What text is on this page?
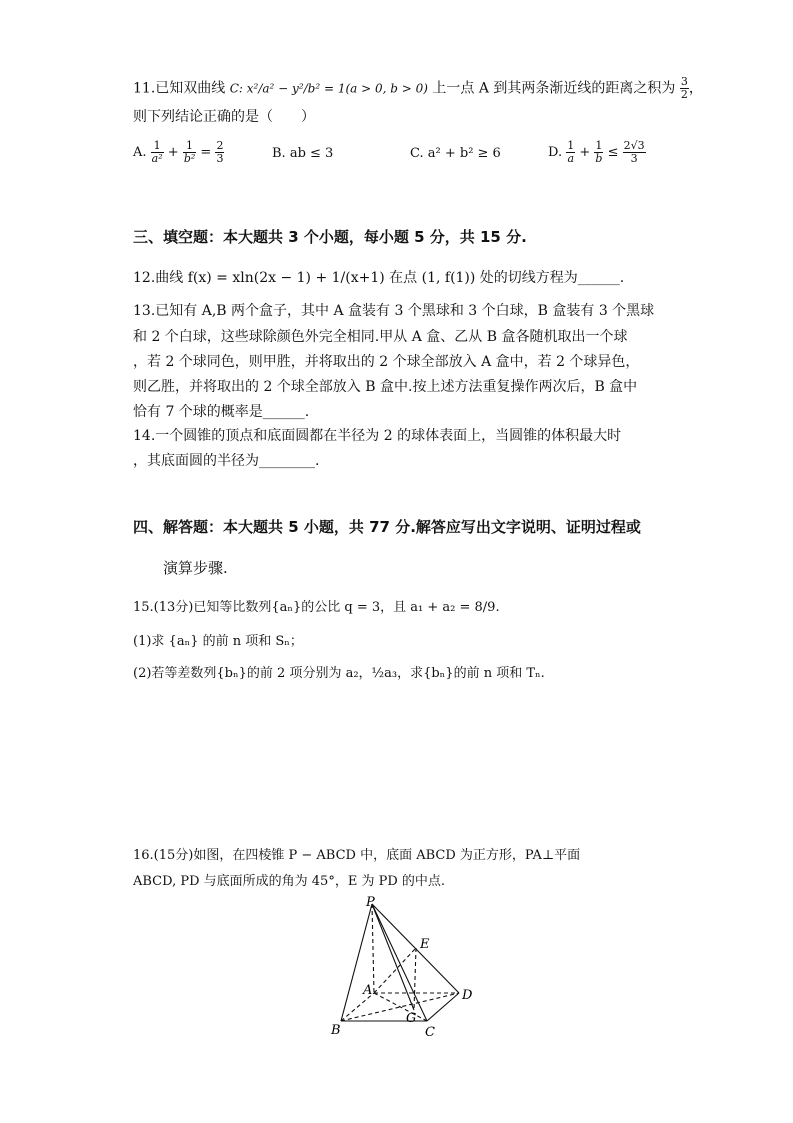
11.已知双曲线 C: x²/a² − y²/b² = 1(a > 0, b > 0) 上一点 A 到其两条渐近线的距离之积为 $\frac{3}{2}$ ，
则下列结论正确的是（　　）
A. $\frac{1}{\text{a²}} + \frac{1}{\text{b²}} = \frac{2}{3}$	B. ab ≤ 3	C. a² + b² ≥ 6	D. $\frac{1}{a} + \frac{1}{b} \le \frac{2√3}{3}$
三、填空题：本大题共 3 个小题，每小题 5 分，共 15 分.
12.曲线 f(x) = xln(2x − 1) + 1/(x+1) 在点 (1, f(1)) 处的切线方程为______.
13.已知有 A,B 两个盒子，其中 A 盒装有 3 个黑球和 3 个白球，B 盒装有 3 个黑球
和 2 个白球，这些球除颜色外完全相同.甲从 A 盒、乙从 B 盒各随机取出一个球
，若 2 个球同色，则甲胜，并将取出的 2 个球全部放入 A 盒中，若 2 个球异色，
则乙胜，并将取出的 2 个球全部放入 B 盒中.按上述方法重复操作两次后，B 盒中
恰有 7 个球的概率是______.
14.一个圆锥的顶点和底面圆都在半径为 2 的球体表面上，当圆锥的体积最大时
，其底面圆的半径为________.
四、解答题：本大题共 5 小题，共 77 分.解答应写出文字说明、证明过程或
演算步骤.
15.(13分)已知等比数列{aₙ}的公比 q = 3，且 a₁ + a₂ = 8/9.
(1)求 {aₙ} 的前 n 项和 Sₙ；
(2)若等差数列{bₙ}的前 2 项分别为 a₂，½a₃，求{bₙ}的前 n 项和 Tₙ.
16.(15分)如图，在四棱锥 P − ABCD 中，底面 ABCD 为正方形，PA⊥平面
ABCD, PD 与底面所成的角为 45°，E 为 PD 的中点.
P
E
A	D
B
G
C
